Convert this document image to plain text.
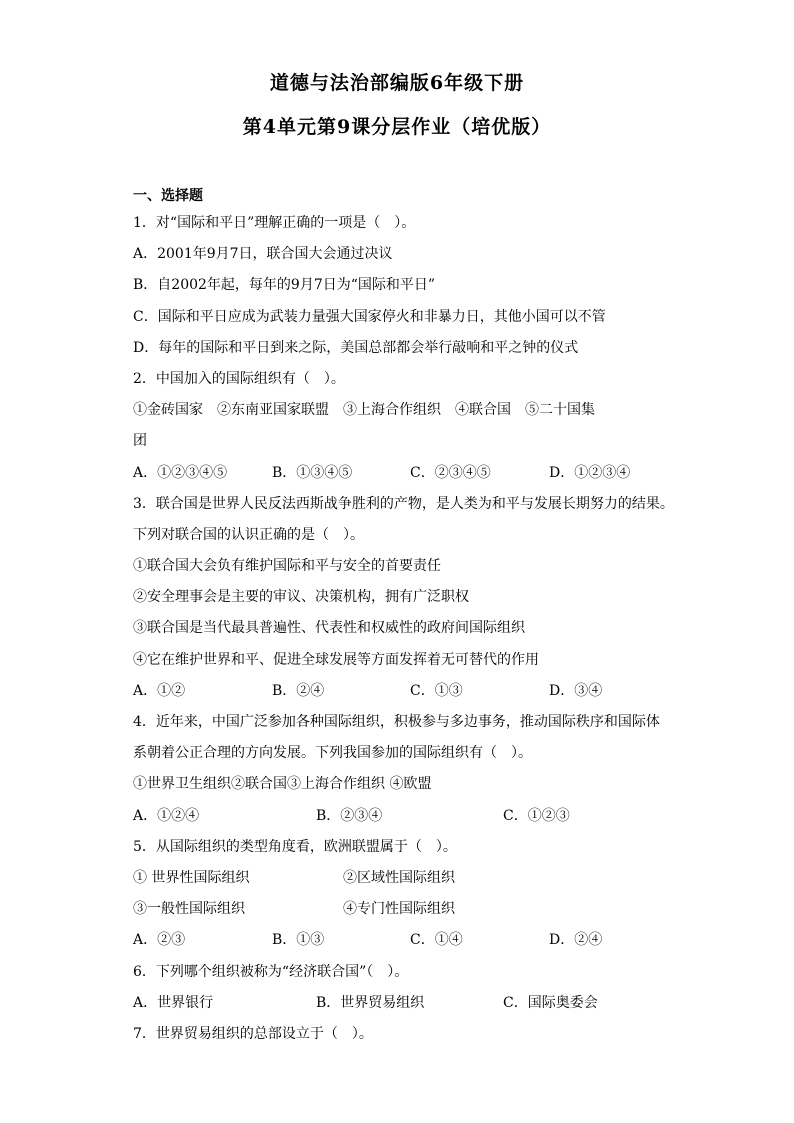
道德与法治部编版6年级下册
第4单元第9课分层作业（培优版）
一、选择题
1．对“国际和平日”理解正确的一项是（　）。
A．2001年9月7日，联合国大会通过决议
B．自2002年起，每年的9月7日为“国际和平日”
C．国际和平日应成为武装力量强大国家停火和非暴力日，其他小国可以不管
D．每年的国际和平日到来之际，美国总部都会举行敲响和平之钟的仪式
2．中国加入的国际组织有（　）。
①金砖国家　②东南亚国家联盟　③上海合作组织　④联合国　⑤二十国集
团
A．①②③④⑤	B．①③④⑤	C．②③④⑤	D．①②③④
3．联合国是世界人民反法西斯战争胜利的产物，是人类为和平与发展长期努力的结果。
下列对联合国的认识正确的是（　）。
①联合国大会负有维护国际和平与安全的首要责任
②安全理事会是主要的审议、决策机构，拥有广泛职权
③联合国是当代最具普遍性、代表性和权威性的政府间国际组织
④它在维护世界和平、促进全球发展等方面发挥着无可替代的作用
A．①②	B．②④	C．①③	D．③④
4．近年来，中国广泛参加各种国际组织，积极参与多边事务，推动国际秩序和国际体
系朝着公正合理的方向发展。下列我国参加的国际组织有（　）。
①世界卫生组织②联合国③上海合作组织 ④欧盟
A．①②④	B．②③④	C．①②③
5．从国际组织的类型角度看，欧洲联盟属于（　）。
① 世界性国际组织	②区域性国际组织
③一般性国际组织	④专门性国际组织
A．②③	B．①③	C．①④	D．②④
6．下列哪个组织被称为“经济联合国”（　）。
A．世界银行	B．世界贸易组织	C．国际奥委会
7．世界贸易组织的总部设立于（　）。
